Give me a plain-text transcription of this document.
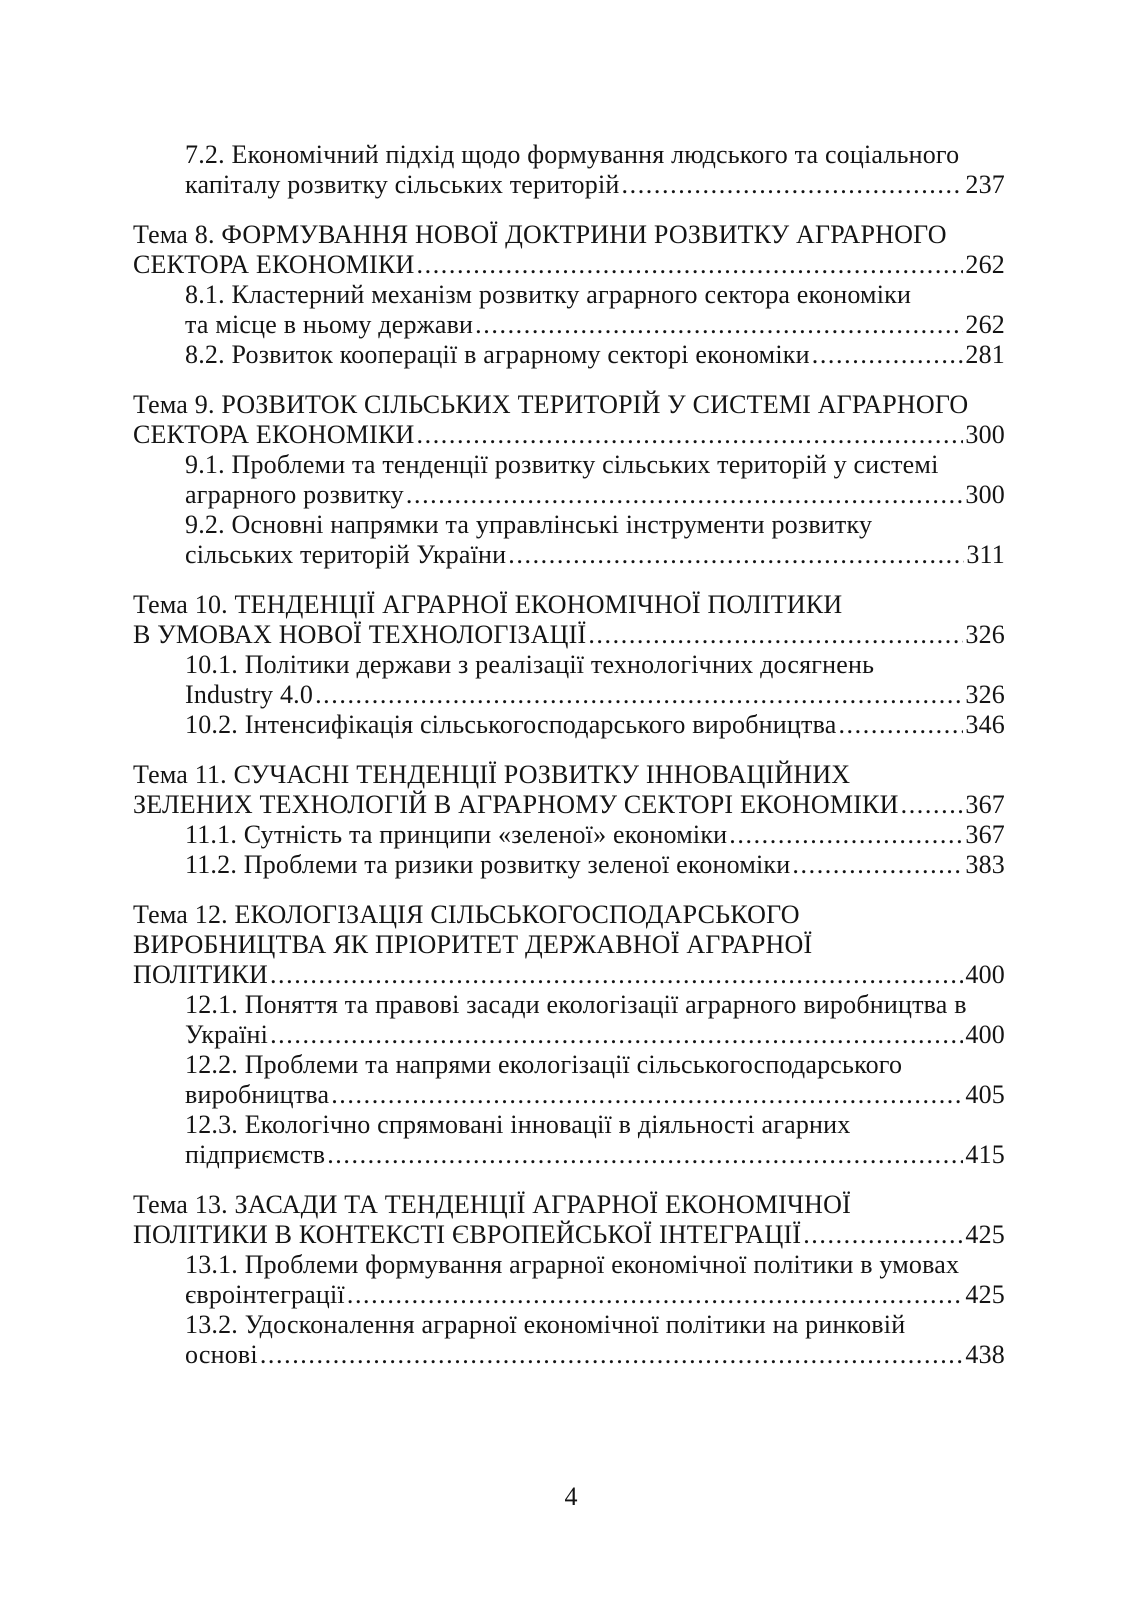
7.2. Економічний підхід щодо формування людського та соціального
капіталу розвитку сільських територій .....	237
Тема 8. ФОРМУВАННЯ НОВОЇ ДОКТРИНИ РОЗВИТКУ АГРАРНОГО
СЕКТОРА ЕКОНОМІКИ .....	262
8.1. Кластерний механізм розвитку аграрного сектора економіки
та місце в ньому держави .....	262
8.2. Розвиток кооперації в аграрному секторі економіки .....	281
Тема 9. РОЗВИТОК СІЛЬСЬКИХ ТЕРИТОРІЙ У СИСТЕМІ АГРАРНОГО
СЕКТОРА ЕКОНОМІКИ .....	300
9.1. Проблеми та тенденції розвитку сільських територій у системі
аграрного розвитку .....	300
9.2. Основні напрямки та управлінські інструменти розвитку
сільських територій України .....	311
Тема 10. ТЕНДЕНЦІЇ АГРАРНОЇ ЕКОНОМІЧНОЇ ПОЛІТИКИ
В УМОВАХ НОВОЇ ТЕХНОЛОГІЗАЦІЇ .....	326
10.1. Політики держави з реалізації технологічних досягнень
Industry 4.0 .....	326
10.2. Інтенсифікація сільськогосподарського виробництва .....	346
Тема 11. СУЧАСНІ ТЕНДЕНЦІЇ РОЗВИТКУ ІННОВАЦІЙНИХ
ЗЕЛЕНИХ ТЕХНОЛОГІЙ В АГРАРНОМУ СЕКТОРІ ЕКОНОМІКИ .....	367
11.1. Сутність та принципи «зеленої» економіки .....	367
11.2. Проблеми та ризики розвитку зеленої економіки .....	383
Тема 12. ЕКОЛОГІЗАЦІЯ СІЛЬСЬКОГОСПОДАРСЬКОГО
ВИРОБНИЦТВА ЯК ПРІОРИТЕТ ДЕРЖАВНОЇ АГРАРНОЇ
ПОЛІТИКИ .....	400
12.1. Поняття та правові засади екологізації аграрного виробництва в
Україні .....	400
12.2. Проблеми та напрями екологізації сільськогосподарського
виробництва .....	405
12.3. Екологічно спрямовані інновації в діяльності агарних
підприємств .....	415
Тема 13. ЗАСАДИ ТА ТЕНДЕНЦІЇ АГРАРНОЇ ЕКОНОМІЧНОЇ
ПОЛІТИКИ В КОНТЕКСТІ ЄВРОПЕЙСЬКОЇ ІНТЕГРАЦІЇ .....	425
13.1. Проблеми формування аграрної економічної політики в умовах
євроінтеграції .....	425
13.2. Удосконалення аграрної економічної політики на ринковій
основі .....	438
4
